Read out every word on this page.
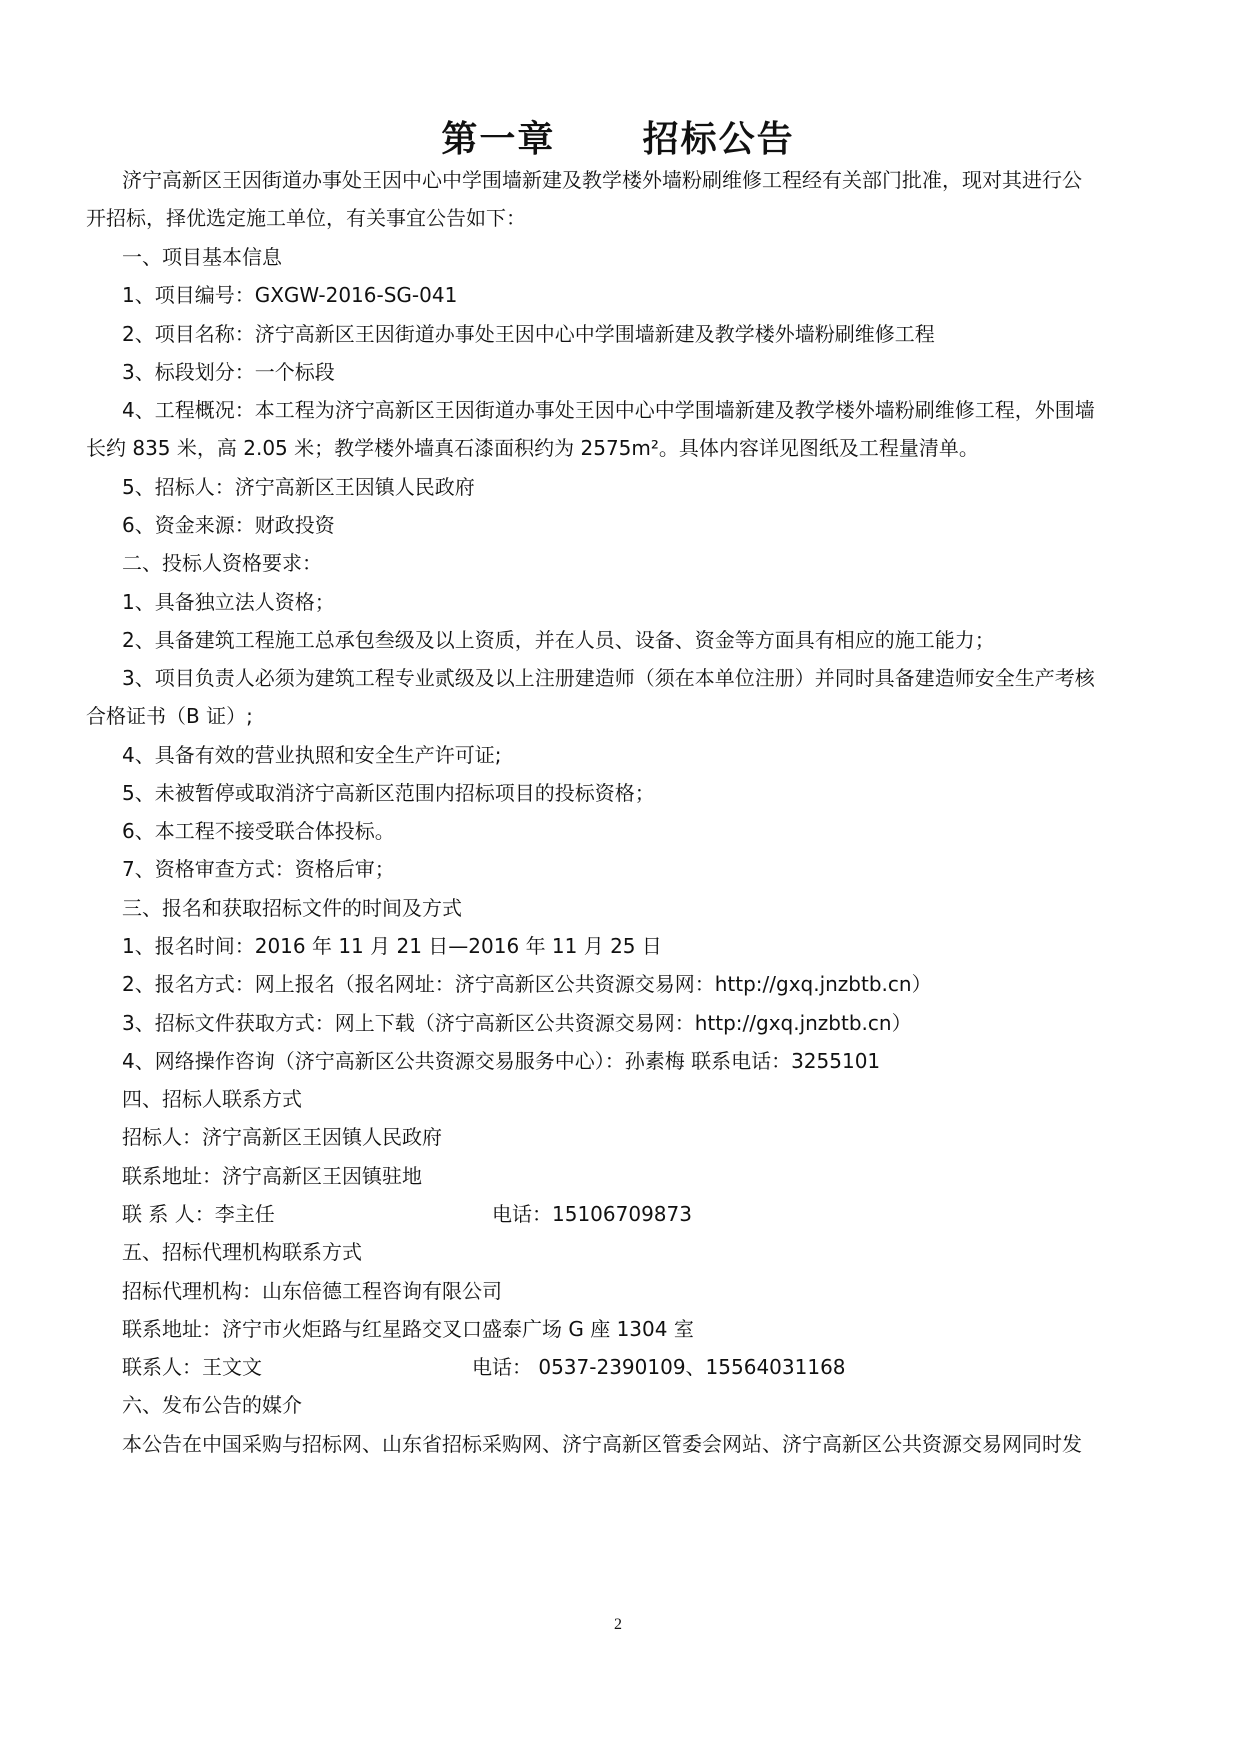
第一章      招标公告
济宁高新区王因街道办事处王因中心中学围墙新建及教学楼外墙粉刷维修工程经有关部门批准，现对其进行公
开招标，择优选定施工单位，有关事宜公告如下：
一、项目基本信息
1、项目编号：GXGW-2016-SG-041
2、项目名称：济宁高新区王因街道办事处王因中心中学围墙新建及教学楼外墙粉刷维修工程
3、标段划分：一个标段
4、工程概况：本工程为济宁高新区王因街道办事处王因中心中学围墙新建及教学楼外墙粉刷维修工程，外围墙
长约 835 米，高 2.05 米；教学楼外墙真石漆面积约为 2575m²。具体内容详见图纸及工程量清单。
5、招标人：济宁高新区王因镇人民政府
6、资金来源：财政投资
二、投标人资格要求：
1、具备独立法人资格；
2、具备建筑工程施工总承包叁级及以上资质，并在人员、设备、资金等方面具有相应的施工能力；
3、项目负责人必须为建筑工程专业贰级及以上注册建造师（须在本单位注册）并同时具备建造师安全生产考核
合格证书（B 证）;
4、具备有效的营业执照和安全生产许可证;
5、未被暂停或取消济宁高新区范围内招标项目的投标资格；
6、本工程不接受联合体投标。
7、资格审查方式：资格后审；
三、报名和获取招标文件的时间及方式
1、报名时间：2016 年 11 月 21 日—2016 年 11 月 25 日
2、报名方式：网上报名（报名网址：济宁高新区公共资源交易网：http://gxq.jnzbtb.cn）
3、招标文件获取方式：网上下载（济宁高新区公共资源交易网：http://gxq.jnzbtb.cn）
4、网络操作咨询（济宁高新区公共资源交易服务中心）：孙素梅 联系电话：3255101
四、招标人联系方式
招标人：济宁高新区王因镇人民政府
联系地址：济宁高新区王因镇驻地
联 系 人：李主任	电话：15106709873
五、招标代理机构联系方式
招标代理机构：山东倍德工程咨询有限公司
联系地址：济宁市火炬路与红星路交叉口盛泰广场 G 座 1304 室
联系人：王文文	电话： 0537-2390109、15564031168
六、发布公告的媒介
本公告在中国采购与招标网、山东省招标采购网、济宁高新区管委会网站、济宁高新区公共资源交易网同时发
2
